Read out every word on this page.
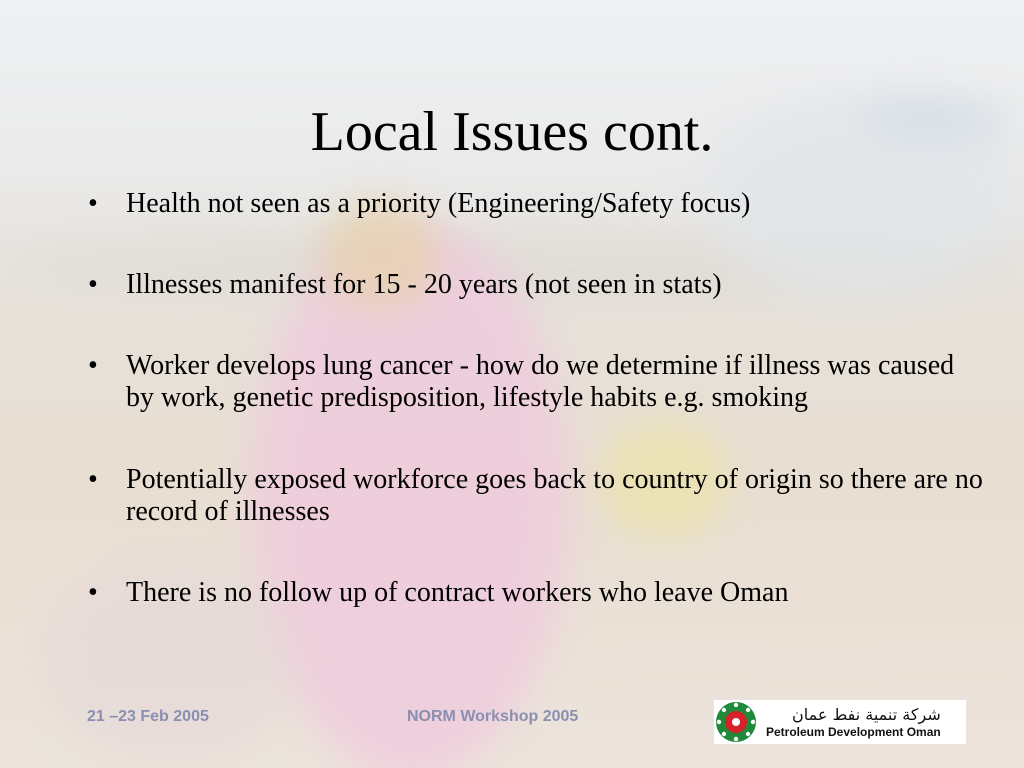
Local Issues cont.
• Health not seen as a priority (Engineering/Safety focus)
• Illnesses manifest for 15 - 20 years (not seen in stats)
• Worker develops lung cancer - how do we determine if illness was caused by work, genetic predisposition, lifestyle habits e.g. smoking
• Potentially exposed workforce goes back to country of origin so there are no record of illnesses
• There is no follow up of contract workers who leave Oman
21 –23 Feb 2005	NORM Workshop 2005	شركة تنمية نفط عمان
Petroleum Development Oman
